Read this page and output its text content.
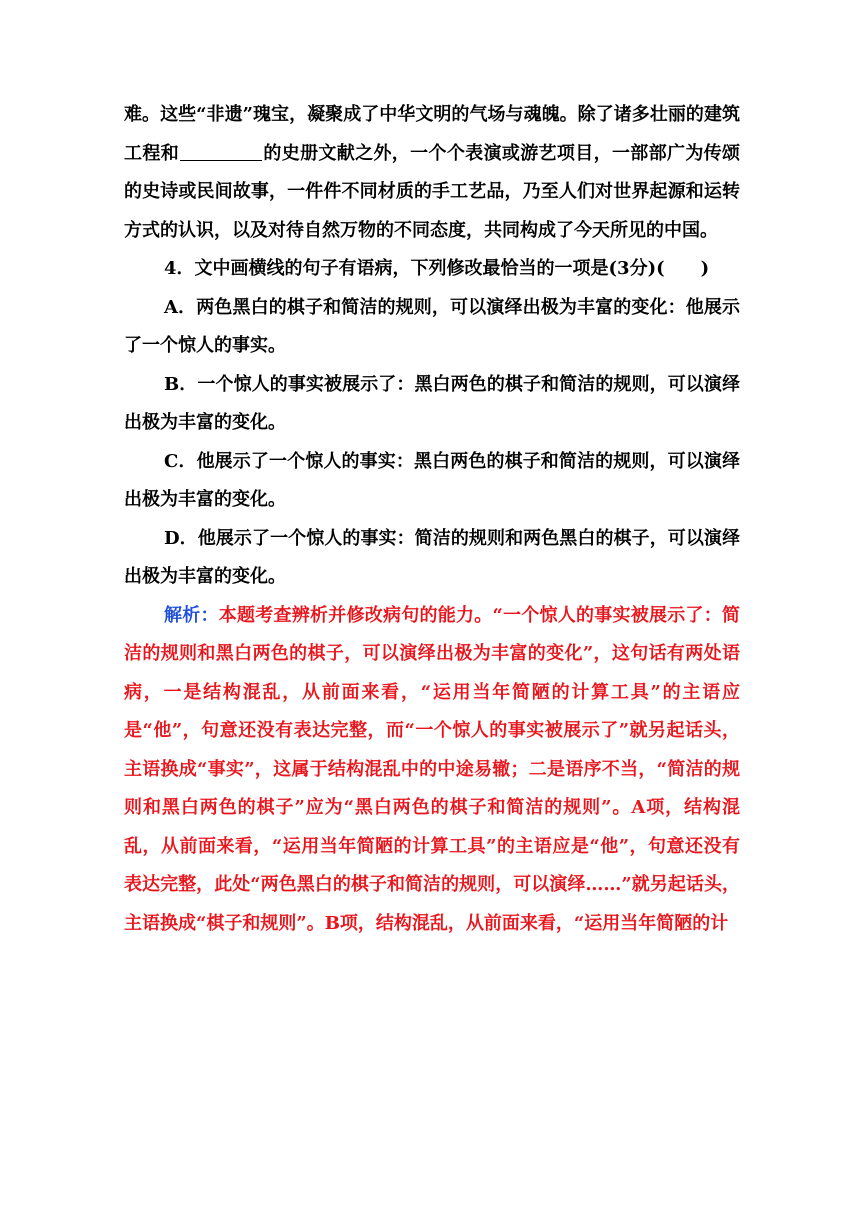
难。这些“非遗”瑰宝，凝聚成了中华文明的气场与魂魄。除了诸多壮丽的建筑工程和	的史册文献之外，一个个表演或游艺项目，一部部广为传颂的史诗或民间故事，一件件不同材质的手工艺品，乃至人们对世界起源和运转方式的认识，以及对待自然万物的不同态度，共同构成了今天所见的中国。

4．文中画横线的句子有语病，下列修改最恰当的一项是(3分)(　　)

A．两色黑白的棋子和简洁的规则，可以演绎出极为丰富的变化：他展示了一个惊人的事实。

B．一个惊人的事实被展示了：黑白两色的棋子和简洁的规则，可以演绎出极为丰富的变化。

C．他展示了一个惊人的事实：黑白两色的棋子和简洁的规则，可以演绎出极为丰富的变化。

D．他展示了一个惊人的事实：简洁的规则和两色黑白的棋子，可以演绎出极为丰富的变化。

解析：本题考查辨析并修改病句的能力。“一个惊人的事实被展示了：简洁的规则和黑白两色的棋子，可以演绎出极为丰富的变化”，这句话有两处语病，一是结构混乱，从前面来看，“运用当年简陋的计算工具”的主语应是“他”，句意还没有表达完整，而“一个惊人的事实被展示了”就另起话头，主语换成“事实”，这属于结构混乱中的中途易辙；二是语序不当，“简洁的规则和黑白两色的棋子”应为“黑白两色的棋子和简洁的规则”。A项，结构混乱，从前面来看，“运用当年简陋的计算工具”的主语应是“他”，句意还没有表达完整，此处“两色黑白的棋子和简洁的规则，可以演绎……”就另起话头，主语换成“棋子和规则”。B项，结构混乱，从前面来看，“运用当年简陋的计
